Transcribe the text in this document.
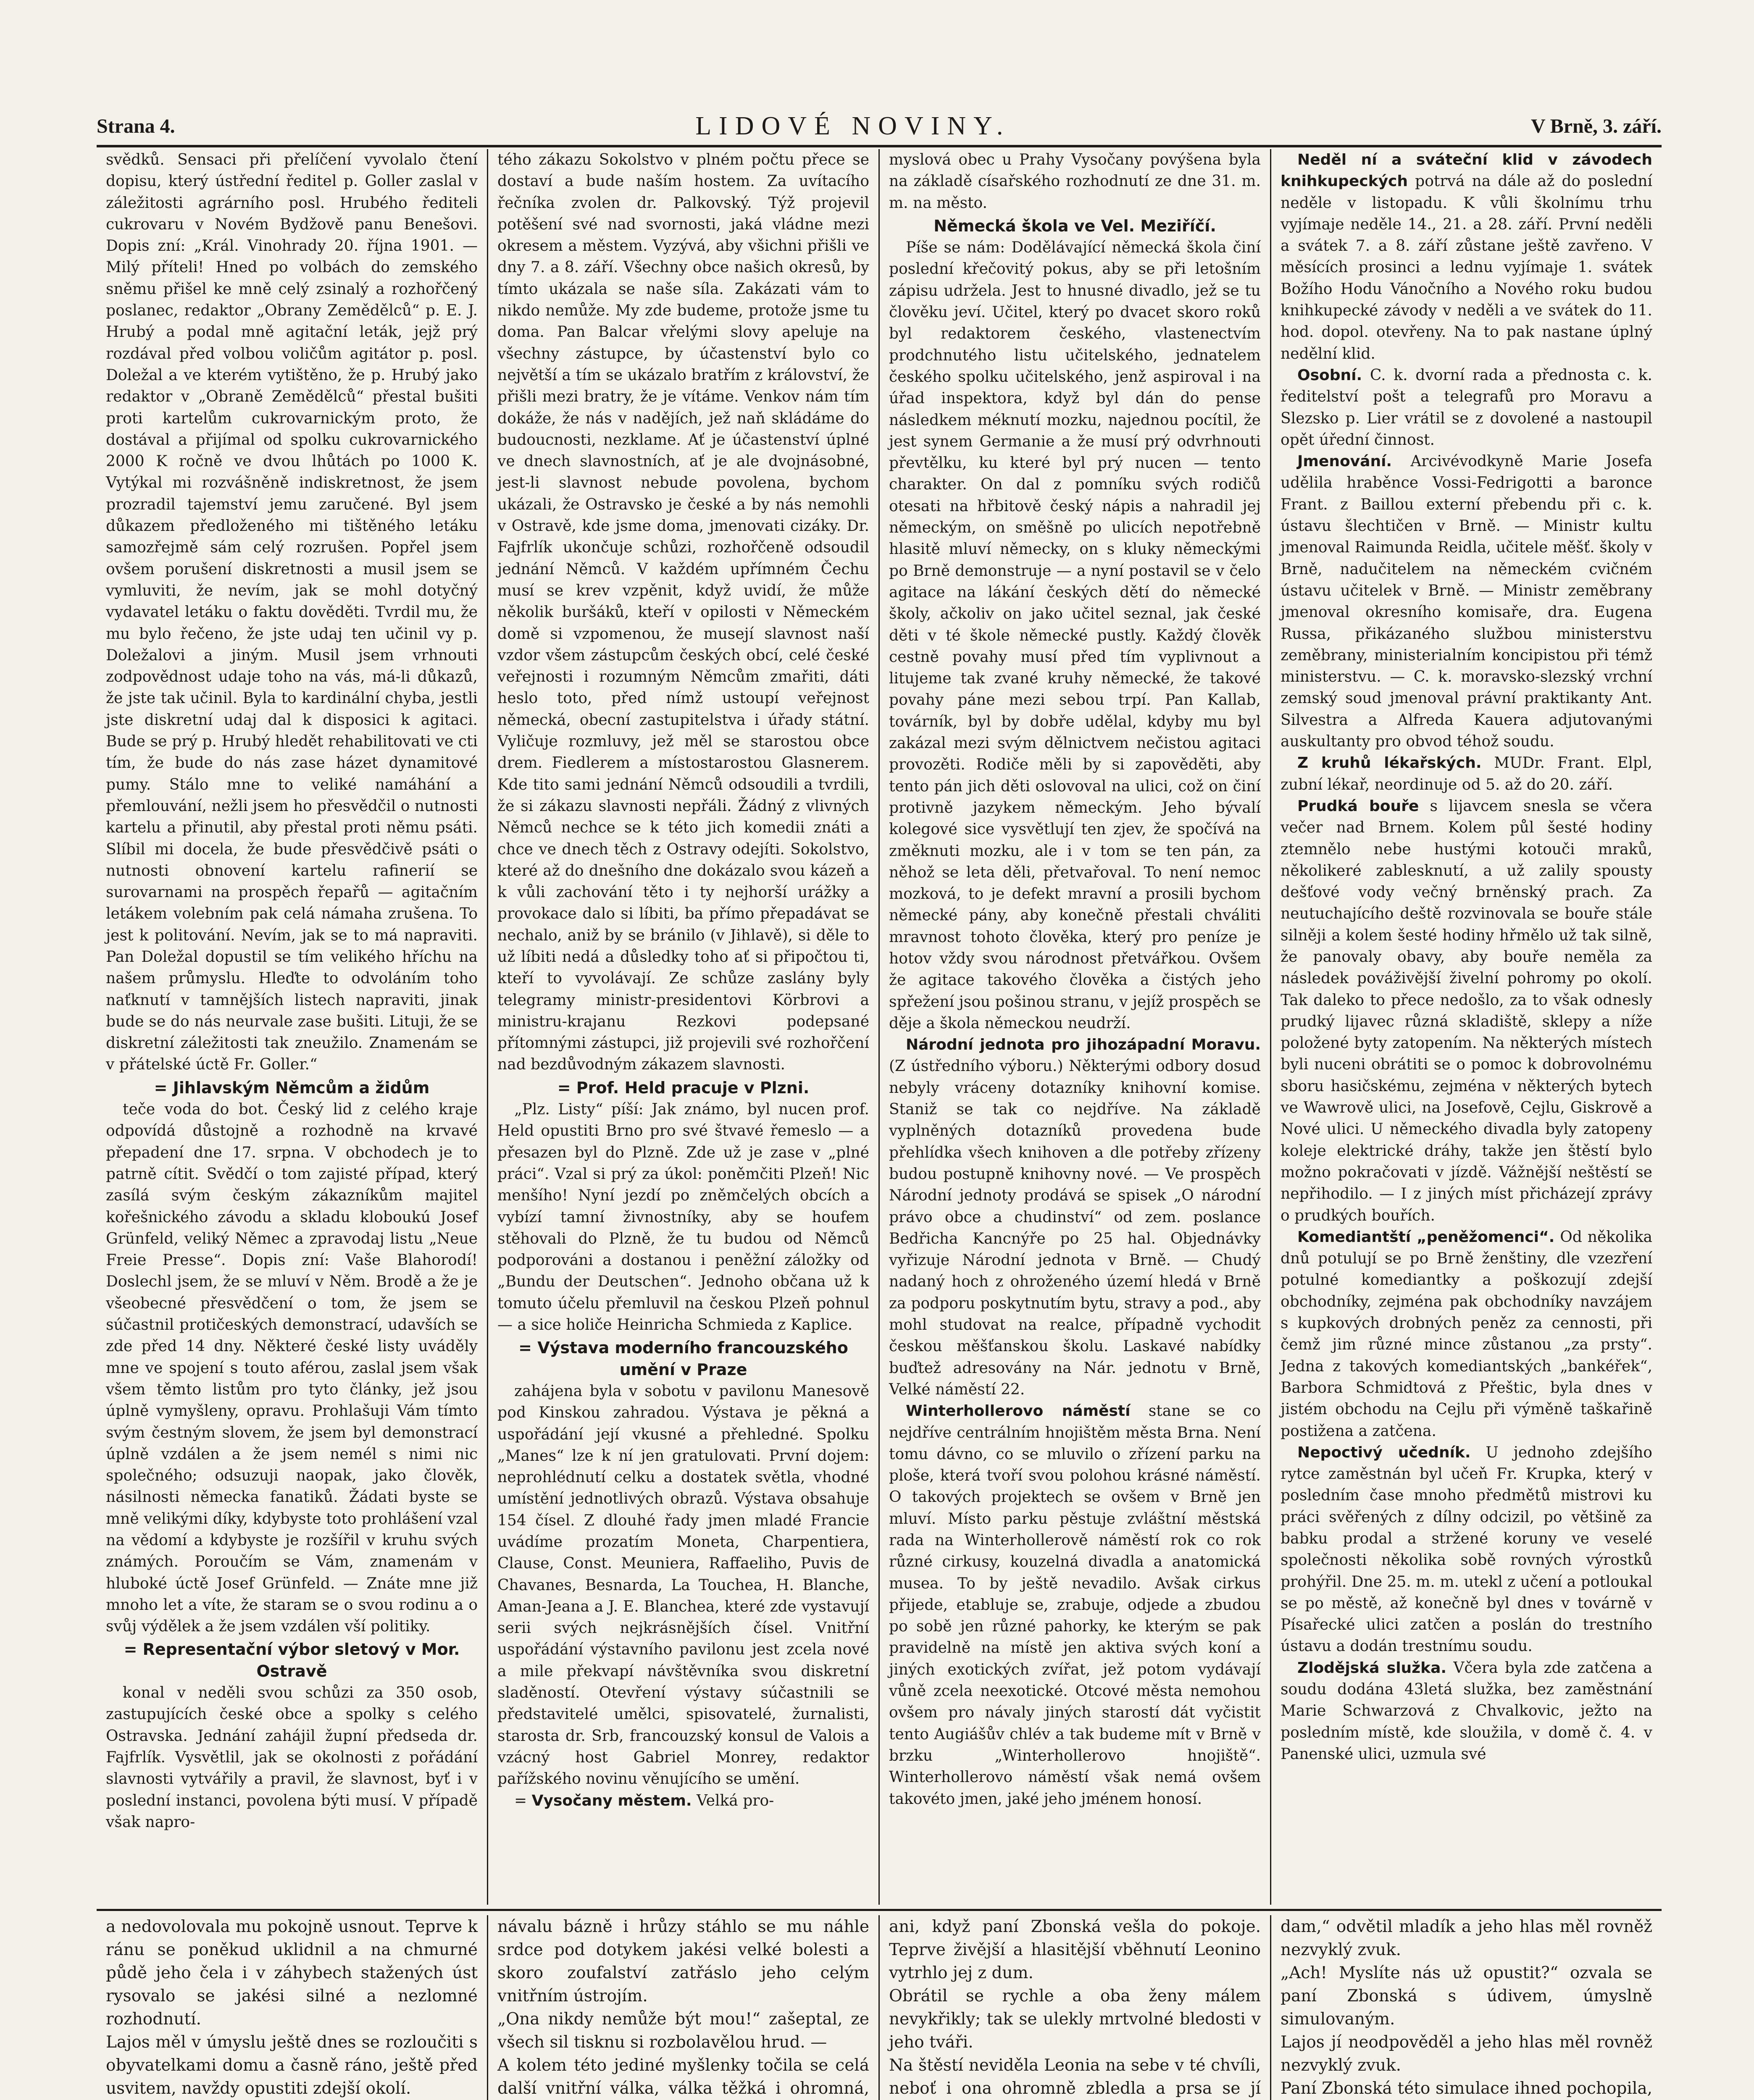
Strana 4.	LIDOVÉ NOVINY.	V Brně, 3. září.

svědků. Sensaci při přelíčení vyvolalo čtení dopisu, který ústřední ředitel p. Goller zaslal v záležitosti agrárního posl. Hrubého řediteli cukrovaru v Novém Bydžově panu Benešovi. Dopis zní: „Král. Vinohrady 20. října 1901. — Milý příteli! Hned po volbách do zemského sněmu přišel ke mně celý zsinalý a rozhořčený poslanec, redaktor „Obrany Zemědělců“ p. E. J. Hrubý a podal mně agitační leták, jejž prý rozdával před volbou voličům agitátor p. posl. Doležal a ve kterém vytištěno, že p. Hrubý jako redaktor v „Obraně Zemědělců“ přestal bušiti proti kartelům cukrovarnickým proto, že dostával a přijímal od spolku cukrovarnického 2000 K ročně ve dvou lhůtách po 1000 K. Vytýkal mi rozvášněně indiskretnost, že jsem prozradil tajemství jemu zaručené. Byl jsem důkazem předloženého mi tištěného letáku samozřejmě sám celý rozrušen. Popřel jsem ovšem porušení diskretnosti a musil jsem se vymluviti, že nevím, jak se mohl dotyčný vydavatel letáku o faktu dověděti. Tvrdil mu, že mu bylo řečeno, že jste udaj ten učinil vy p. Doležalovi a jiným. Musil jsem vrhnouti zodpovědnost udaje toho na vás, má-li důkazů, že jste tak učinil. Byla to kardinální chyba, jestli jste diskretní udaj dal k disposici k agitaci. Bude se prý p. Hrubý hledět rehabilitovati ve cti tím, že bude do nás zase házet dynamitové pumy. Stálo mne to veliké namáhání a přemlouvání, nežli jsem ho přesvědčil o nutnosti kartelu a přinutil, aby přestal proti němu psáti. Slíbil mi docela, že bude přesvědčivě psáti o nutnosti obnovení kartelu rafinerií se surovarnami na prospěch řepařů — agitačním letákem volebním pak celá námaha zrušena. To jest k politování. Nevím, jak se to má napraviti. Pan Doležal dopustil se tím velikého hříchu na našem průmyslu. Hleďte to odvoláním toho naťknutí v tamnějších listech napraviti, jinak bude se do nás neurvale zase bušiti. Lituji, že se diskretní záležitosti tak zneužilo. Znamenám se v přátelské úctě Fr. Goller.“

= Jihlavským Němcům a židům

teče voda do bot. Český lid z celého kraje odpovídá důstojně a rozhodně na krvavé přepadení dne 17. srpna. V obchodech je to patrně cítit. Svědčí o tom zajisté případ, který zasílá svým českým zákazníkům majitel kořešnického závodu a skladu kloboukú Josef Grünfeld, veliký Němec a zpravodaj listu „Neue Freie Presse“. Dopis zní: Vaše Blahorodí! Doslechl jsem, že se mluví v Něm. Brodě a že je všeobecné přesvědčení o tom, že jsem se súčastnil protičeských demonstrací, udavších se zde před 14 dny. Některé české listy uváděly mne ve spojení s touto aférou, zaslal jsem však všem těmto listům pro tyto články, jež jsou úplně vymyšleny, opravu. Prohlašuji Vám tímto svým čestným slovem, že jsem byl demonstrací úplně vzdálen a že jsem nemél s nimi nic společného; odsuzuji naopak, jako člověk, násilnosti německa fanatiků. Žádati byste se mně velikými díky, kdybyste toto prohlášení vzal na vědomí a kdybyste je rozšířil v kruhu svých známých. Poroučím se Vám, znamenám v hluboké úctě Josef Grünfeld. — Znáte mne již mnoho let a víte, že staram se o svou rodinu a o svůj výdělek a že jsem vzdálen vší politiky.

= Representační výbor sletový v Mor. Ostravě

konal v neděli svou schůzi za 350 osob, zastupujících české obce a spolky s celého Ostravska. Jednání zahájil župní předseda dr. Fajfrlík. Vysvětlil, jak se okolnosti z pořádání slavnosti vytvářily a pravil, že slavnost, byť i v poslední instanci, povolena býti musí. V případě však napro-

tého zákazu Sokolstvo v plném počtu přece se dostaví a bude naším hostem. Za uvítacího řečníka zvolen dr. Palkovský. Týž projevil potěšení své nad svornosti, jaká vládne mezi okresem a městem. Vyzývá, aby všichni přišli ve dny 7. a 8. září. Všechny obce našich okresů, by tímto ukázala se naše síla. Zakázati vám to nikdo nemůže. My zde budeme, protože jsme tu doma. Pan Balcar vřelými slovy apeluje na všechny zástupce, by účastenství bylo co největší a tím se ukázalo bratřím z království, že přišli mezi bratry, že je vítáme. Venkov nám tím dokáže, že nás v nadějích, jež naň skládáme do budoucnosti, nezklame. Ať je účastenství úplné ve dnech slavnostních, ať je ale dvojnásobné, jest-li slavnost nebude povolena, bychom ukázali, že Ostravsko je české a by nás nemohli v Ostravě, kde jsme doma, jmenovati cizáky. Dr. Fajfrlík ukončuje schůzi, rozhořčeně odsoudil jednání Němců. V každém upřímném Čechu musí se krev vzpěnit, když uvidí, že může několik buršáků, kteří v opilosti v Německém domě si vzpomenou, že musejí slavnost naší vzdor všem zástupcům českých obcí, celé české veřejnosti i rozumným Němcům zmařiti, dáti heslo toto, před nímž ustoupí veřejnost německá, obecní zastupitelstva i úřady státní. Vyličuje rozmluvy, jež měl se starostou obce drem. Fiedlerem a místostarostou Glasnerem. Kde tito sami jednání Němců odsoudili a tvrdili, že si zákazu slavnosti nepřáli. Žádný z vlivných Němců nechce se k této jich komedii znáti a chce ve dnech těch z Ostravy odejíti. Sokolstvo, které až do dnešního dne dokázalo svou kázeň a k vůli zachování těto i ty nejhorší urážky a provokace dalo si líbiti, ba přímo přepadávat se nechalo, aniž by se bránilo (v Jihlavě), si děle to už líbiti nedá a důsledky toho ať si připočtou ti, kteří to vyvolávají. Ze schůze zaslány byly telegramy ministr-presidentovi Körbrovi a ministru-krajanu Rezkovi podepsané přítomnými zástupci, již projevili své rozhořčení nad bezdůvodným zákazem slavnosti.

= Prof. Held pracuje v Plzni.

„Plz. Listy“ píší: Jak známo, byl nucen prof. Held opustiti Brno pro své štvavé řemeslo — a přesazen byl do Plzně. Zde už je zase v „plné práci“. Vzal si prý za úkol: poněmčiti Plzeň! Nic menšího! Nyní jezdí po zněmčelých obcích a vybízí tamní živnostníky, aby se houfem stěhovali do Plzně, že tu budou od Němců podporováni a dostanou i peněžní záložky od „Bundu der Deutschen“. Jednoho občana už k tomuto účelu přemluvil na českou Plzeň pohnul — a sice holiče Heinricha Schmieda z Kaplice.

= Výstava moderního francouzského umění v Praze

zahájena byla v sobotu v pavilonu Manesově pod Kinskou zahradou. Výstava je pěkná a uspořádání její vkusné a přehledné. Spolku „Manes“ lze k ní jen gratulovati. První dojem: neprohlédnutí celku a dostatek světla, vhodné umístění jednotlivých obrazů. Výstava obsahuje 154 čísel. Z dlouhé řady jmen mladé Francie uvádíme prozatím Moneta, Charpentiera, Clause, Const. Meuniera, Raffaeliho, Puvis de Chavanes, Besnarda, La Touchea, H. Blanche, Aman-Jeana a J. E. Blanchea, které zde vystavují serii svých nejkrásnějších čísel. Vnitřní uspořádání výstavního pavilonu jest zcela nové a mile překvapí návštěvníka svou diskretní sladěností. Otevření výstavy súčastnili se představitelé umělci, spisovatelé, žurnalisti, starosta dr. Srb, francouzský konsul de Valois a vzácný host Gabriel Monrey, redaktor pařížského novinu věnujícího se umění.

= Vysočany městem. Velká pro-

myslová obec u Prahy Vysočany povýšena byla na základě císařského rozhodnutí ze dne 31. m. m. na město.

Německá škola ve Vel. Meziříčí.

Píše se nám: Dodělávající německá škola činí poslední křečovitý pokus, aby se při letošním zápisu udržela. Jest to hnusné divadlo, jež se tu člověku jeví. Učitel, který po dvacet skoro roků byl redaktorem českého, vlastenectvím prodchnutého listu učitelského, jednatelem českého spolku učitelského, jenž aspiroval i na úřad inspektora, když byl dán do pense následkem méknutí mozku, najednou pocítil, že jest synem Germanie a že musí prý odvrhnouti převtělku, ku které byl prý nucen — tento charakter. On dal z pomníku svých rodičů otesati na hřbitově český nápis a nahradil jej německým, on směšně po ulicích nepotřebně hlasitě mluví německy, on s kluky německými po Brně demonstruje — a nyní postavil se v čelo agitace na lákání českých dětí do německé školy, ačkoliv on jako učitel seznal, jak české děti v té škole německé pustly. Každý člověk cestně povahy musí před tím vyplivnout a litujeme tak zvané kruhy německé, že takové povahy páne mezi sebou trpí. Pan Kallab, továrník, byl by dobře udělal, kdyby mu byl zakázal mezi svým dělnictvem nečistou agitaci provozěti. Rodiče měli by si zapověděti, aby tento pán jich děti oslovoval na ulici, což on činí protivně jazykem německým. Jeho bývalí kolegové sice vysvětlují ten zjev, že spočívá na změknuti mozku, ale i v tom se ten pán, za něhož se leta děli, přetvařoval. To není nemoc mozková, to je defekt mravní a prosili bychom německé pány, aby konečně přestali chváliti mravnost tohoto člověka, který pro peníze je hotov vždy svou národnost přetvářkou. Ovšem že agitace takového člověka a čistých jeho spřežení jsou pošinou stranu, v jejíž prospěch se děje a škola německou neudrží.

Národní jednota pro jihozápadní Moravu. (Z ústředního výboru.) Některými odbory dosud nebyly vráceny dotazníky knihovní komise. Staniž se tak co nejdříve. Na základě vyplněných dotazníků provedena bude přehlídka všech knihoven a dle potřeby zřízeny budou postupně knihovny nové. — Ve prospěch Národní jednoty prodává se spisek „O národní právo obce a chudinství“ od zem. poslance Bedřicha Kancnýře po 25 hal. Objednávky vyřizuje Národní jednota v Brně. — Chudý nadaný hoch z ohroženého území hledá v Brně za podporu poskytnutím bytu, stravy a pod., aby mohl studovat na realce, případně vychodit českou měšťanskou školu. Laskavé nabídky buďtež adresovány na Nár. jednotu v Brně, Velké náměstí 22.

Winterhollerovo náměstí stane se co nejdříve centrálním hnojištěm města Brna. Není tomu dávno, co se mluvilo o zřízení parku na ploše, která tvoří svou polohou krásné náměstí. O takových projektech se ovšem v Brně jen mluví. Místo parku pěstuje zvláštní městská rada na Winterhollerově náměstí rok co rok různé cirkusy, kouzelná divadla a anatomická musea. To by ještě nevadilo. Avšak cirkus přijede, etabluje se, zrabuje, odjede a zbudou po sobě jen různé pahorky, ke kterým se pak pravidelně na místě jen aktiva svých koní a jiných exotických zvířat, jež potom vydávají vůně zcela neexotické. Otcové města nemohou ovšem pro návaly jiných starostí dát vyčistit tento Augiášův chlév a tak budeme mít v Brně v brzku „Winterhollerovo hnojiště“. Winterhollerovo náměstí však nemá ovšem takovéto jmen, jaké jeho jménem honosí.

Neděl ní a sváteční klid v závodech knihkupeckých potrvá na dále až do poslední neděle v listopadu. K vůli školnímu trhu vyjímaje neděle 14., 21. a 28. září. První neděli a svátek 7. a 8. září zůstane ještě zavřeno. V měsících prosinci a lednu vyjímaje 1. svátek Božího Hodu Vánočního a Nového roku budou knihkupecké závody v neděli a ve svátek do 11. hod. dopol. otevřeny. Na to pak nastane úplný nedělní klid.

Osobní. C. k. dvorní rada a přednosta c. k. ředitelství pošt a telegrafů pro Moravu a Slezsko p. Lier vrátil se z dovolené a nastoupil opět úřední činnost.

Jmenování. Arcivévodkyně Marie Josefa udělila hraběnce Vossi-Fedrigotti a baronce Frant. z Baillou externí přebendu při c. k. ústavu šlechtičen v Brně. — Ministr kultu jmenoval Raimunda Reidla, učitele měšť. školy v Brně, nadučitelem na německém cvičném ústavu učitelek v Brně. — Ministr zeměbrany jmenoval okresního komisaře, dra. Eugena Russa, přikázaného službou ministerstvu zeměbrany, ministerialním koncipistou při témž ministerstvu. — C. k. moravsko-slezský vrchní zemský soud jmenoval právní praktikanty Ant. Silvestra a Alfreda Kauera adjutovanými auskultanty pro obvod téhož soudu.

Z kruhů lékařských. MUDr. Frant. Elpl, zubní lékař, neordinuje od 5. až do 20. září.

Prudká bouře s lijavcem snesla se včera večer nad Brnem. Kolem půl šesté hodiny ztemnělo nebe hustými kotouči mraků, několikeré zablesknutí, a už zalily spousty dešťové vody večný brněnský prach. Za neutuchajícího deště rozvinovala se bouře stále silněji a kolem šesté hodiny hřmělo už tak silně, že panovaly obavy, aby bouře neměla za následek pováživější živelní pohromy po okolí. Tak daleko to přece nedošlo, za to však odnesly prudký lijavec různá skladiště, sklepy a níže položené byty zatopením. Na některých místech byli nuceni obrátiti se o pomoc k dobrovolnému sboru hasičskému, zejména v některých bytech ve Wawrově ulici, na Josefově, Cejlu, Giskrově a Nové ulici. U německého divadla byly zatopeny koleje elektrické dráhy, takže jen štěstí bylo možno pokračovati v jízdě. Vážnější neštěstí se nepřihodilo. — I z jiných míst přicházejí zprávy o prudkých bouřích.

Komediantští „peněžomenci“. Od několika dnů potulují se po Brně ženštiny, dle vzezření potulné komediantky a poškozují zdejší obchodníky, zejména pak obchodníky navzájem s kupkových drobných peněz za cennosti, při čemž jim různé mince zůstanou „za prsty“. Jedna z takových komediantských „bankéřek“, Barbora Schmidtová z Přeštic, byla dnes v jistém obchodu na Cejlu při výměně taškařině postižena a zatčena.

Nepoctivý učedník. U jednoho zdejšího rytce zaměstnán byl učeň Fr. Krupka, který v posledním čase mnoho předmětů mistrovi ku práci svěřených z dílny odcizil, po většině za babku prodal a stržené koruny ve veselé společnosti několika sobě rovných výrostků prohýřil. Dne 25. m. m. utekl z učení a potloukal se po městě, až konečně byl dnes v továrně v Písařecké ulici zatčen a poslán do trestního ústavu a dodán trestnímu soudu.

Zlodějská služka. Včera byla zde zatčena a soudu dodána 43letá služka, bez zaměstnání Marie Schwarzová z Chvalkovic, ježto na posledním místě, kde sloužila, v domě č. 4. v Panenské ulici, uzmula své

a nedovolovala mu pokojně usnout. Teprve k ránu se poněkud uklidnil a na chmurné půdě jeho čela i v záhybech stažených úst rysovalo se jakési silné a nezlomné rozhodnutí.
Lajos měl v úmyslu ještě dnes se rozloučiti s obyvatelkami domu a časně ráno, ještě před usvitem, navždy opustiti zdejší okolí.

návalu bázně i hrůzy stáhlo se mu náhle srdce pod dotykem jakési velké bolesti a skoro zoufalství zatřáslo jeho celým vnitřním ústrojím.
„Ona nikdy nemůže být mou!“ zašeptal, ze všech sil tisknu si rozbolavělou hrud. —
A kolem této jediné myšlenky točila se celá další vnitřní válka, válka těžká i ohromná,

ani, když paní Zbonská vešla do pokoje. Teprve živější a hlasitější vběhnutí Leonino vytrhlo jej z dum.
Obrátil se rychle a oba ženy málem nevykřikly; tak se ulekly mrtvolné bledosti v jeho tváři.
Na štěstí neviděla Leonia na sebe v té chvíli, neboť i ona ohromně zbledla a prsa se jí

dam,“ odvětil mladík a jeho hlas měl rovněž nezvyklý zvuk.
„Ach! Myslíte nás už opustit?“ ozvala se paní Zbonská s údivem, úmyslně simulovaným.
Lajos jí neodpověděl a jeho hlas měl rovněž nezvyklý zvuk.
Paní Zbonská této simulace ihned pochopila,
